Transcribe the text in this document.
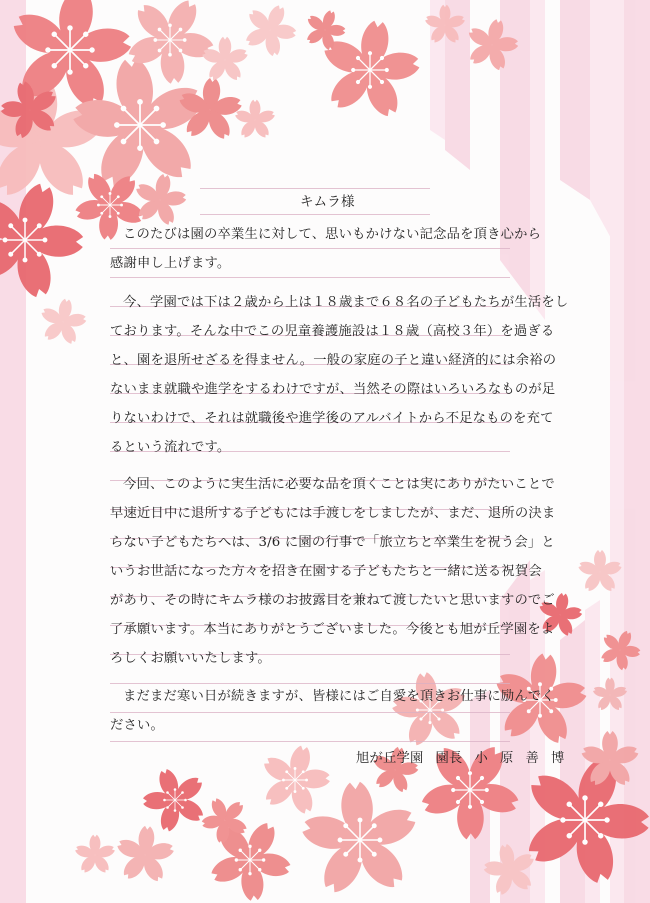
キムラ様
このたびは園の卒業生に対して、思いもかけない記念品を頂き心から
感謝申し上げます。
今、学園では下は２歳から上は１８歳まで６８名の子どもたちが生活をし
ております。そんな中でこの児童養護施設は１８歳（高校３年）を過ぎる
と、園を退所せざるを得ません。一般の家庭の子と違い経済的には余裕の
ないまま就職や進学をするわけですが、当然その際はいろいろなものが足
りないわけで、それは就職後や進学後のアルバイトから不足なものを充て
るという流れです。
今回、このように実生活に必要な品を頂くことは実にありがたいことで
早速近日中に退所する子どもには手渡しをしましたが、まだ、退所の決ま
らない子どもたちへは、3/6 に園の行事で「旅立ちと卒業生を祝う会」と
いうお世話になった方々を招き在園する子どもたちと一緒に送る祝賀会
があり、その時にキムラ様のお披露目を兼ねて渡したいと思いますのでご
了承願います。本当にありがとうございました。今後とも旭が丘学園をよ
ろしくお願いいたします。
まだまだ寒い日が続きますが、皆様にはご自愛を頂きお仕事に励んでく
ださい。
旭が丘学園 園長 小 原 善 博
